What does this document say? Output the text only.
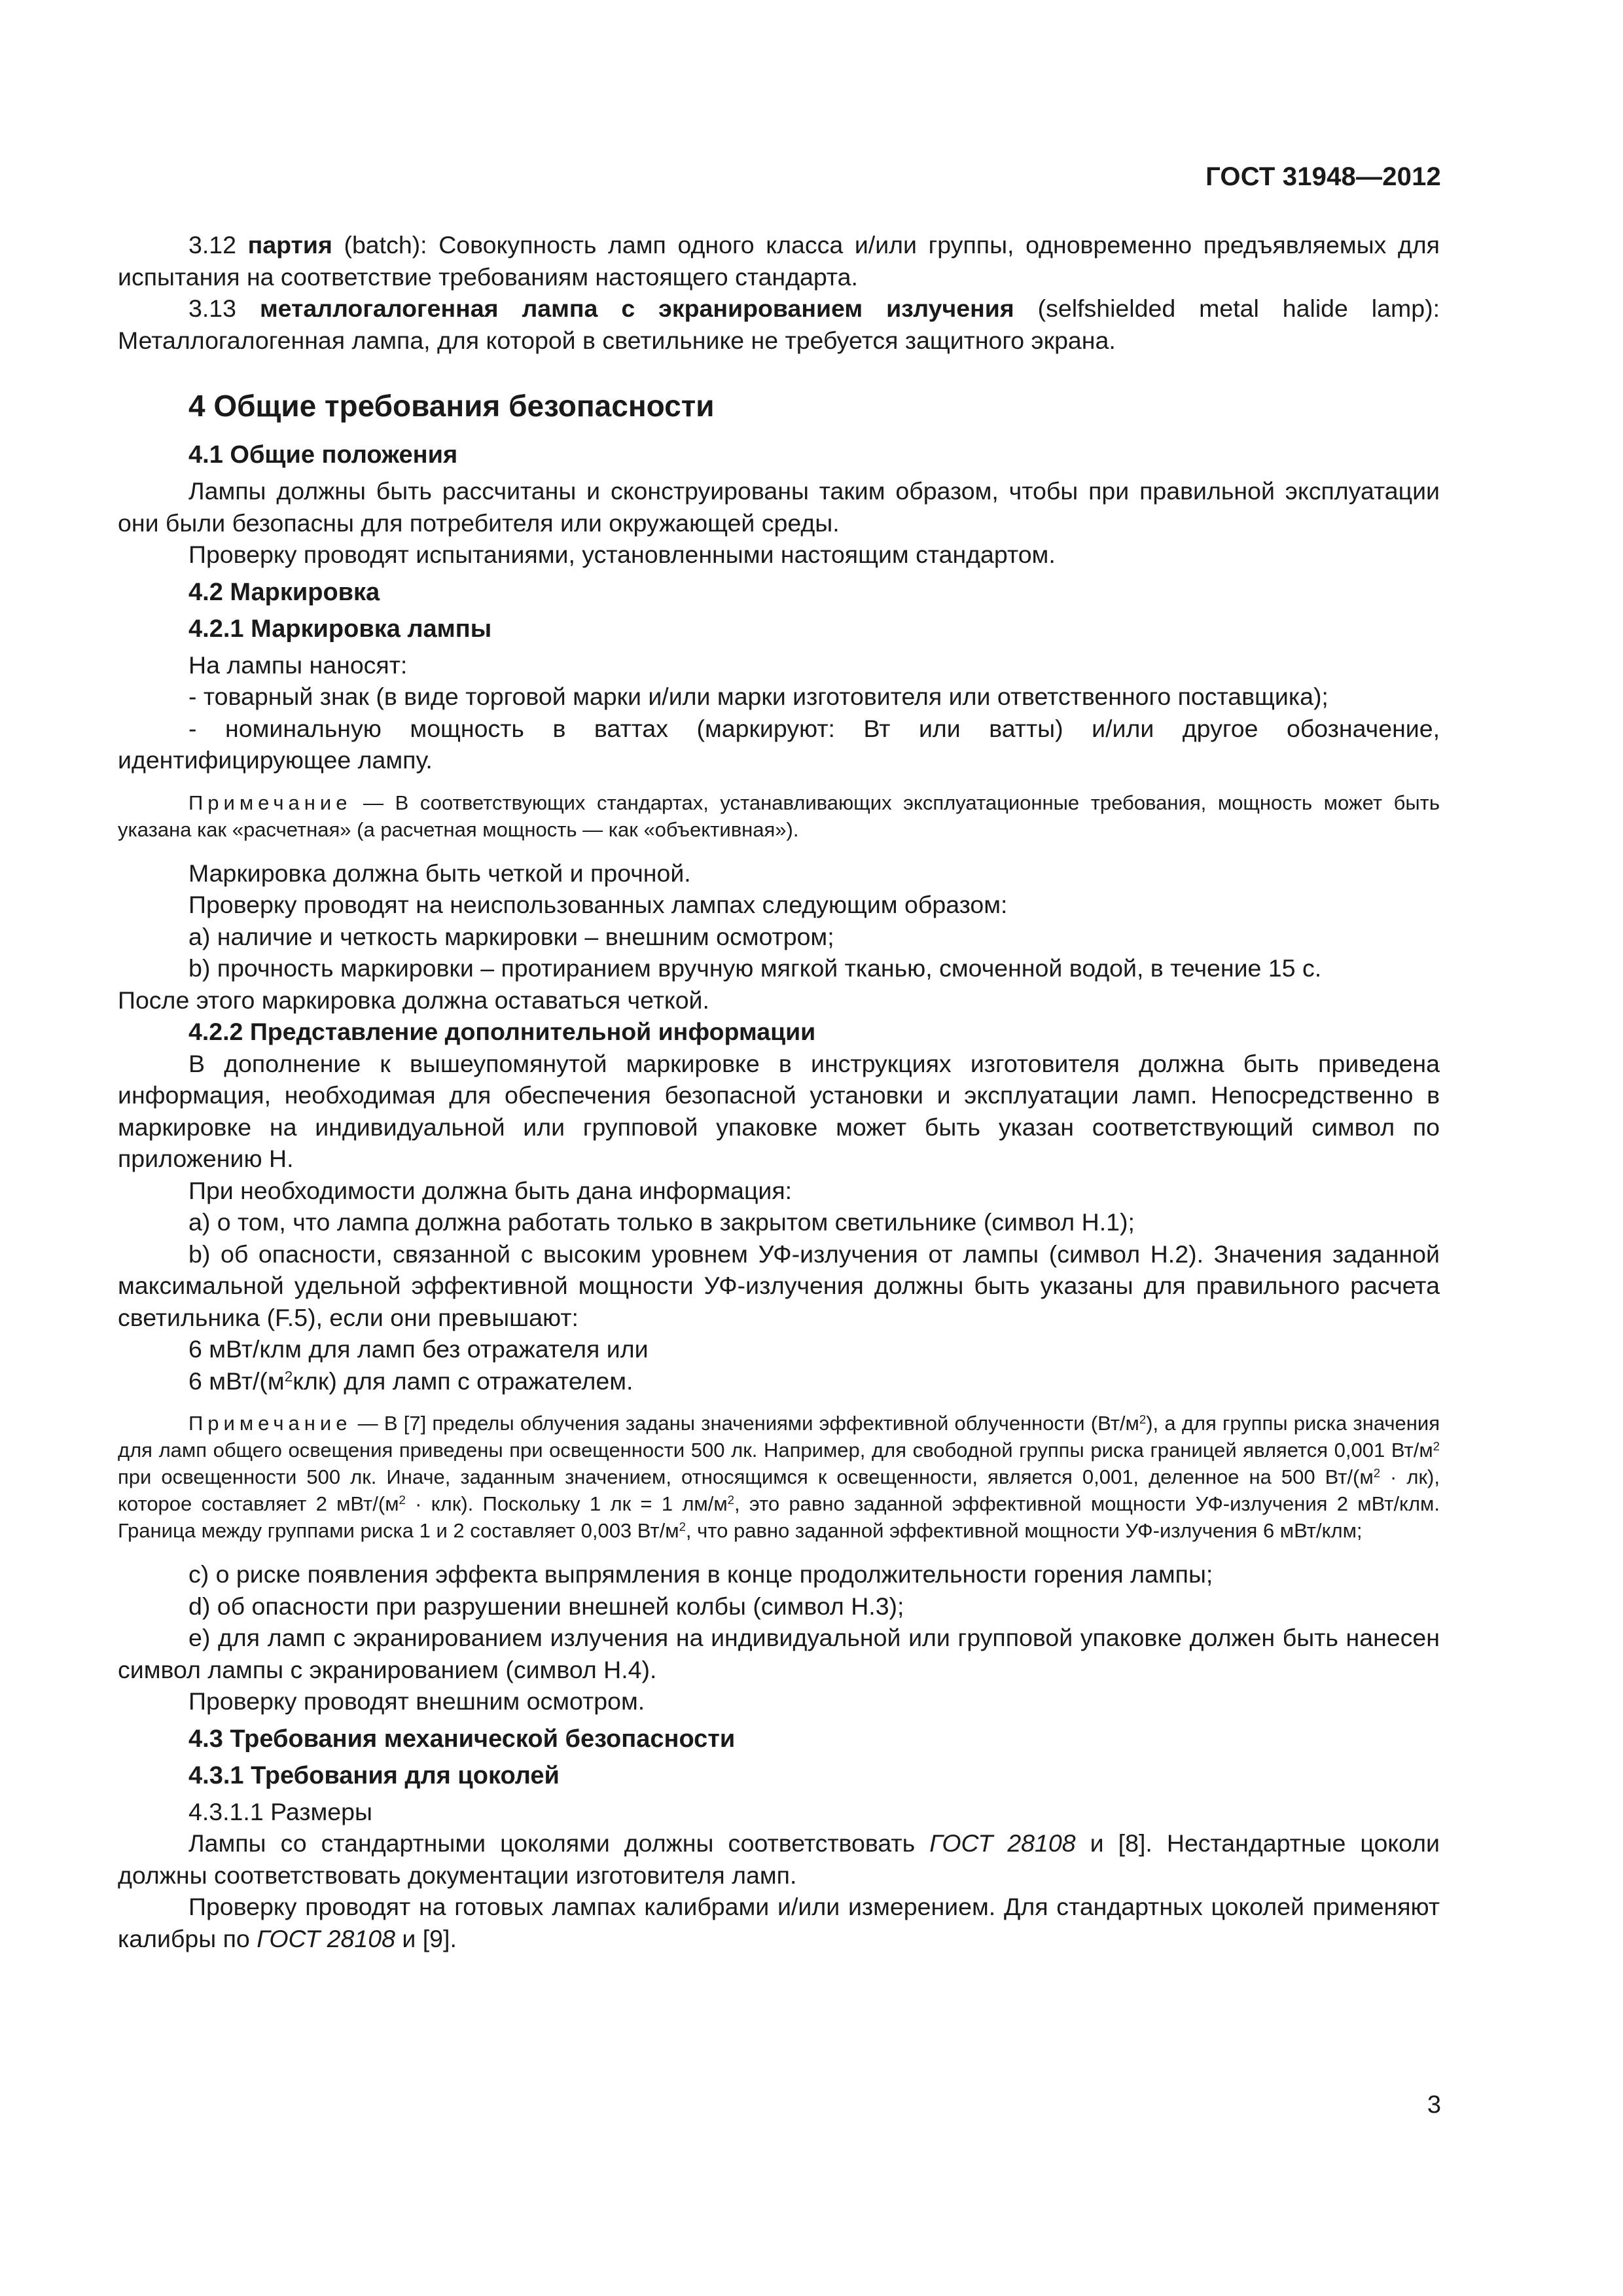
ГОСТ 31948—2012

3.12 партия (batch): Совокупность ламп одного класса и/или группы, одновременно предъявляемых для испытания на соответствие требованиям настоящего стандарта.

3.13 металлогалогенная лампа с экранированием излучения (selfshielded metal halide lamp): Металлогалогенная лампа, для которой в светильнике не требуется защитного экрана.

4 Общие требования безопасности
4.1 Общие положения

Лампы должны быть рассчитаны и сконструированы таким образом, чтобы при правильной эксплуатации они были безопасны для потребителя или окружающей среды.

Проверку проводят испытаниями, установленными настоящим стандартом.

4.2 Маркировка
4.2.1 Маркировка лампы

На лампы наносят:

- товарный знак (в виде торговой марки и/или марки изготовителя или ответственного поставщика);

- номинальную мощность в ваттах (маркируют: Вт или ватты) и/или другое обозначение, идентифицирующее лампу.

Примечание — В соответствующих стандартах, устанавливающих эксплуатационные требования, мощность может быть указана как «расчетная» (а расчетная мощность — как «объективная»).

Маркировка должна быть четкой и прочной.

Проверку проводят на неиспользованных лампах следующим образом:

а) наличие и четкость маркировки – внешним осмотром;

b) прочность маркировки – протиранием вручную мягкой тканью, смоченной водой, в течение 15 с.

После этого маркировка должна оставаться четкой.

4.2.2 Представление дополнительной информации

В дополнение к вышеупомянутой маркировке в инструкциях изготовителя должна быть приведена информация, необходимая для обеспечения безопасной установки и эксплуатации ламп. Непосредственно в маркировке на индивидуальной или групповой упаковке может быть указан соответствующий символ по приложению Н.

При необходимости должна быть дана информация:

а) о том, что лампа должна работать только в закрытом светильнике (символ Н.1);

b) об опасности, связанной с высоким уровнем УФ-излучения от лампы (символ Н.2). Значения заданной максимальной удельной эффективной мощности УФ-излучения должны быть указаны для правильного расчета светильника (F.5), если они превышают:

6 мВт/клм для ламп без отражателя или

6 мВт/$(м^2клк)$ для ламп с отражателем.

Примечание — В [7] пределы облучения заданы значениями эффективной облученности $(Вт/м^2)$, а для группы риска значения для ламп общего освещения приведены при освещенности 500 лк. Например, для свободной группы риска границей является 0,001 $Вт/м^2$ при освещенности 500 лк. Иначе, заданным значением, относящимся к освещенности, является 0,001, деленное на 500 $Вт/(м^2 \cdot лк)$, которое составляет 2 мВт/$(м^2 \cdot клк)$. Поскольку 1 лк = 1 $лм/м^2$, это равно заданной эффективной мощности УФ-излучения 2 мВт/клм. Граница между группами риска 1 и 2 составляет 0,003 $Вт/м^2$, что равно заданной эффективной мощности УФ-излучения 6 мВт/клм;

с) о риске появления эффекта выпрямления в конце продолжительности горения лампы;

d) об опасности при разрушении внешней колбы (символ Н.3);

е) для ламп с экранированием излучения на индивидуальной или групповой упаковке должен быть нанесен символ лампы с экранированием (символ Н.4).

Проверку проводят внешним осмотром.

4.3 Требования механической безопасности
4.3.1 Требования для цоколей

4.3.1.1 Размеры

Лампы со стандартными цоколями должны соответствовать ГОСТ 28108 и [8]. Нестандартные цоколи должны соответствовать документации изготовителя ламп.

Проверку проводят на готовых лампах калибрами и/или измерением. Для стандартных цоколей применяют калибры по ГОСТ 28108 и [9].

3
